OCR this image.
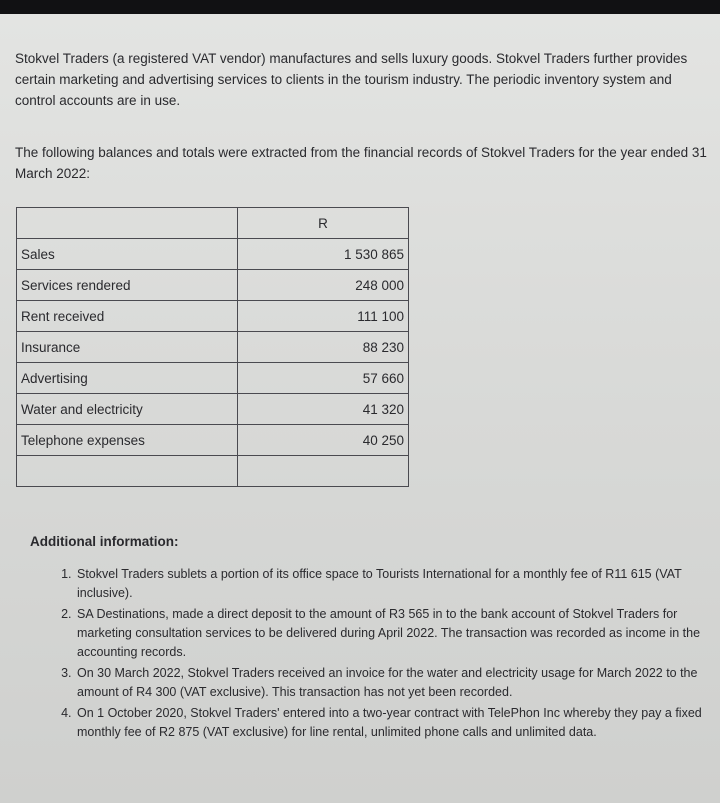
Stokvel Traders (a registered VAT vendor) manufactures and sells luxury goods. Stokvel Traders further provides certain marketing and advertising services to clients in the tourism industry. The periodic inventory system and control accounts are in use.

The following balances and totals were extracted from the financial records of Stokvel Traders for the year ended 31 March 2022:

	R
Sales	1 530 865
Services rendered	248 000
Rent received	111 100
Insurance	88 230
Advertising	57 660
Water and electricity	41 320
Telephone expenses	40 250

Additional information:

1. Stokvel Traders sublets a portion of its office space to Tourists International for a monthly fee of R11 615 (VAT inclusive).
2. SA Destinations, made a direct deposit to the amount of R3 565 in to the bank account of Stokvel Traders for marketing consultation services to be delivered during April 2022. The transaction was recorded as income in the accounting records.
3. On 30 March 2022, Stokvel Traders received an invoice for the water and electricity usage for March 2022 to the amount of R4 300 (VAT exclusive). This transaction has not yet been recorded.
4. On 1 October 2020, Stokvel Traders' entered into a two-year contract with TelePhon Inc whereby they pay a fixed monthly fee of R2 875 (VAT exclusive) for line rental, unlimited phone calls and unlimited data.
